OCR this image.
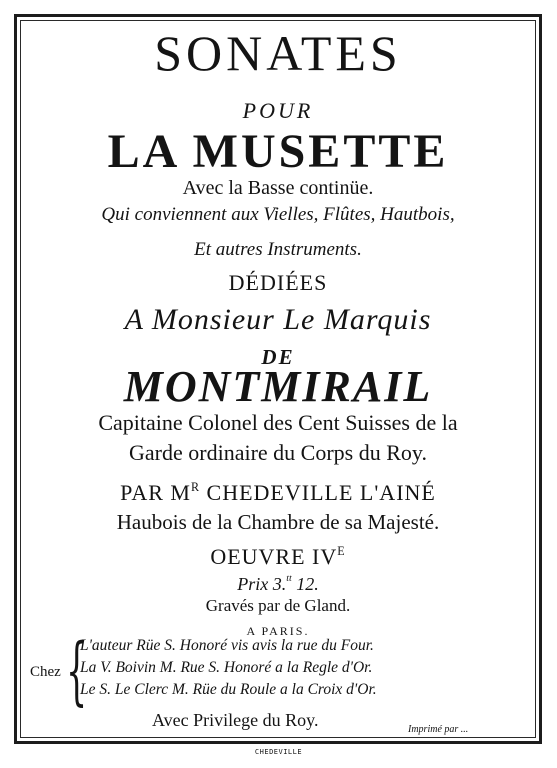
SONATES
POUR
LA MUSETTE
Avec la Basse continüe.
Qui conviennent aux Vielles, Flûtes, Hautbois,
Et autres Instruments.
DÉDIÉES
A Monsieur Le Marquis
DE
MONTMIRAIL
Capitaine Colonel des Cent Suisses de la
Garde ordinaire du Corps du Roy.
PAR $M^R$ CHEDEVILLE L'AINÉ
Haubois de la Chambre de sa Majesté.
OEUVRE $IV^E$
Prix 3.$^{tt}$ 12.
Gravés par de Gland.
A PARIS.
Chez {
L'auteur Rüe S. Honoré vis avis la rue du Four.
La V. Boivin M. Rue S. Honoré a la Regle d'Or.
Le S. Le Clerc M. Rüe du Roule a la Croix d'Or.
Avec Privilege du Roy.	Imprimé par ...
CHEDEVILLE
